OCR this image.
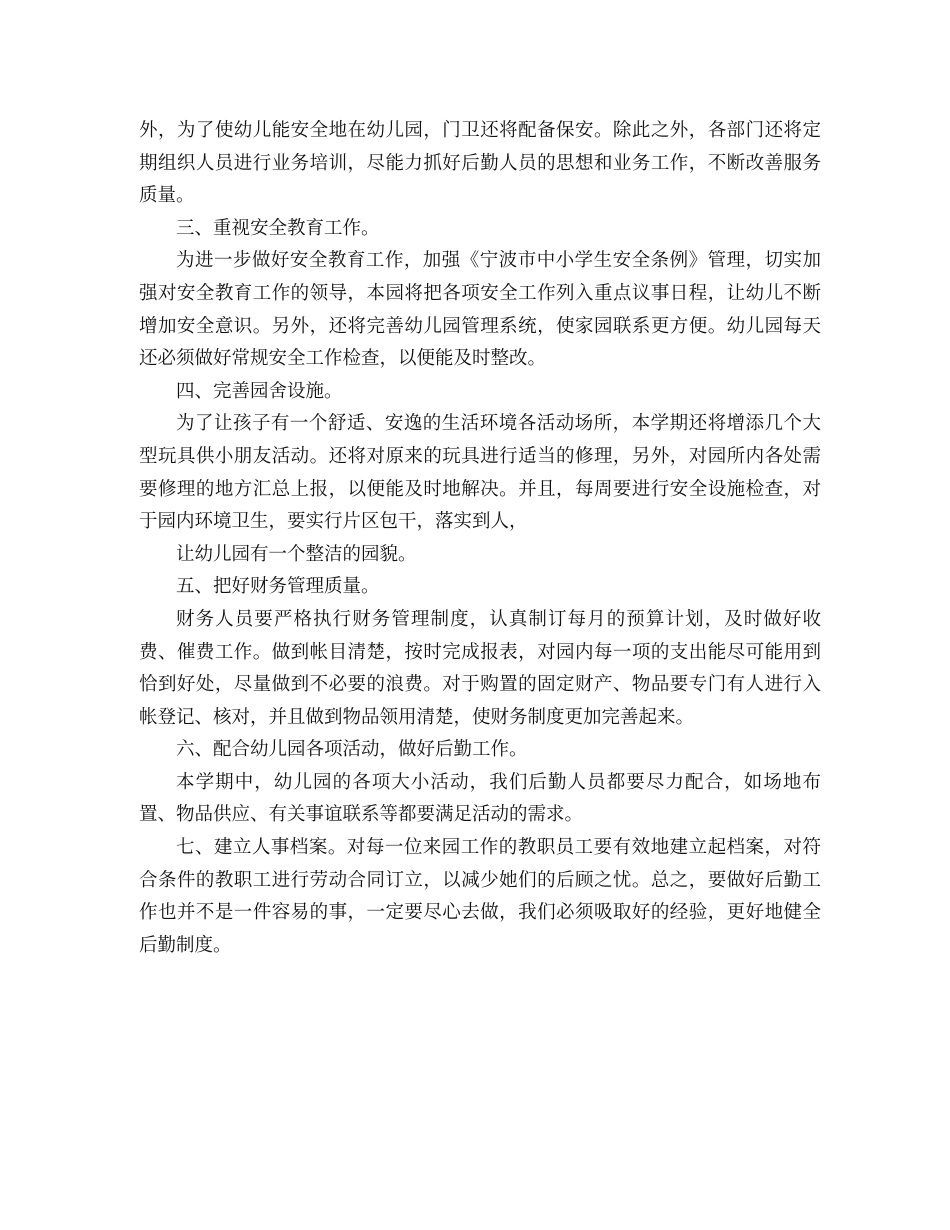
外，为了使幼儿能安全地在幼儿园，门卫还将配备保安。除此之外，各部门还将定期组织人员进行业务培训，尽能力抓好后勤人员的思想和业务工作，不断改善服务质量。

三、重视安全教育工作。

为进一步做好安全教育工作，加强《宁波市中小学生安全条例》管理，切实加强对安全教育工作的领导，本园将把各项安全工作列入重点议事日程，让幼儿不断增加安全意识。另外，还将完善幼儿园管理系统，使家园联系更方便。幼儿园每天还必须做好常规安全工作检查，以便能及时整改。

四、完善园舍设施。

为了让孩子有一个舒适、安逸的生活环境各活动场所，本学期还将增添几个大型玩具供小朋友活动。还将对原来的玩具进行适当的修理，另外，对园所内各处需要修理的地方汇总上报，以便能及时地解决。并且，每周要进行安全设施检查，对于园内环境卫生，要实行片区包干，落实到人，

让幼儿园有一个整洁的园貌。

五、把好财务管理质量。

财务人员要严格执行财务管理制度，认真制订每月的预算计划，及时做好收费、催费工作。做到帐目清楚，按时完成报表，对园内每一项的支出能尽可能用到恰到好处，尽量做到不必要的浪费。对于购置的固定财产、物品要专门有人进行入帐登记、核对，并且做到物品领用清楚，使财务制度更加完善起来。

六、配合幼儿园各项活动，做好后勤工作。

本学期中，幼儿园的各项大小活动，我们后勤人员都要尽力配合，如场地布置、物品供应、有关事谊联系等都要满足活动的需求。

七、建立人事档案。对每一位来园工作的教职员工要有效地建立起档案，对符合条件的教职工进行劳动合同订立，以减少她们的后顾之忧。总之，要做好后勤工作也并不是一件容易的事，一定要尽心去做，我们必须吸取好的经验，更好地健全后勤制度。
